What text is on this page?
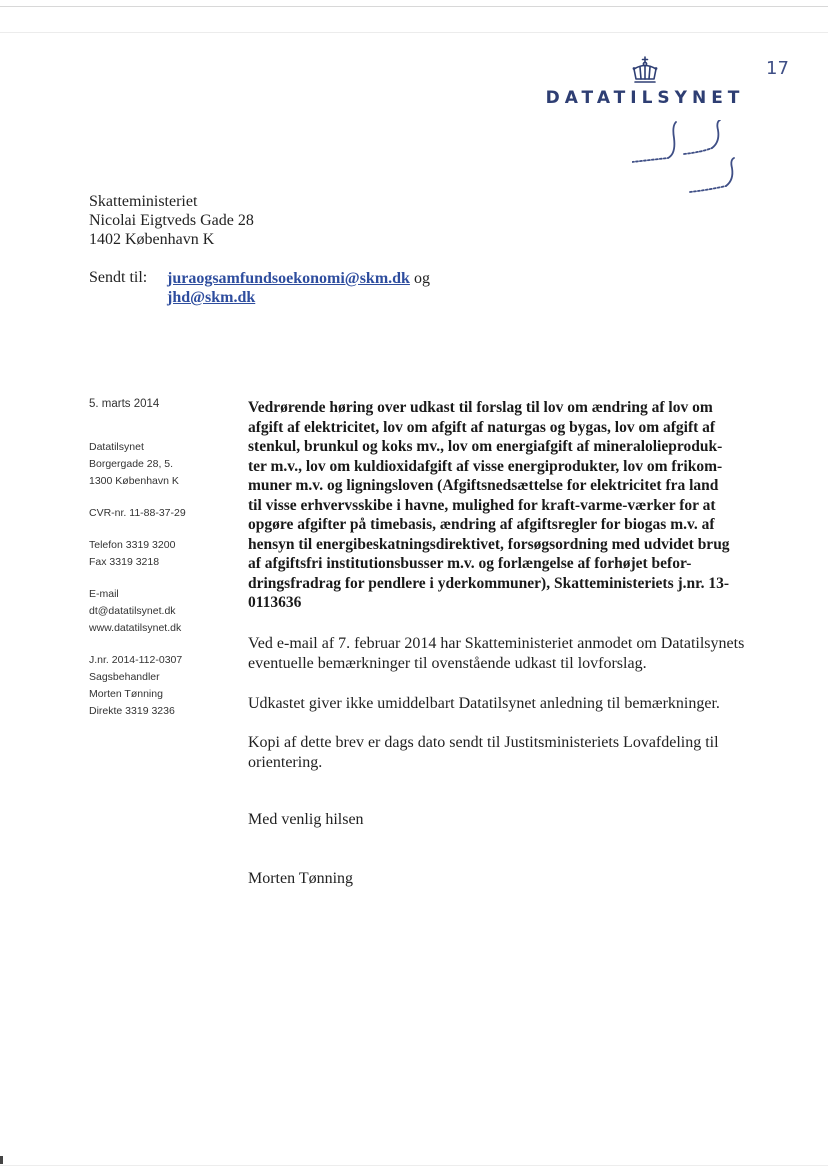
DATATILSYNET
17
Skatteministeriet
Nicolai Eigtveds Gade 28
1402 København K
Sendt til: juraogsamfundsoekonomi@skm.dk og
jhd@skm.dk
5. marts 2014
Datatilsynet
Borgergade 28, 5.
1300 København K
CVR-nr. 11-88-37-29
Telefon 3319 3200
Fax 3319 3218
E-mail
dt@datatilsynet.dk
www.datatilsynet.dk
J.nr. 2014-112-0307
Sagsbehandler
Morten Tønning
Direkte 3319 3236
Vedrørende høring over udkast til forslag til lov om ændring af lov om
afgift af elektricitet, lov om afgift af naturgas og bygas, lov om afgift af
stenkul, brunkul og koks mv., lov om energiafgift af mineralolieproduk-
ter m.v., lov om kuldioxidafgift af visse energiprodukter, lov om frikom-
muner m.v. og ligningsloven (Afgiftsnedsættelse for elektricitet fra land
til visse erhvervsskibe i havne, mulighed for kraft-varme-værker for at
opgøre afgifter på timebasis, ændring af afgiftsregler for biogas m.v. af
hensyn til energibeskatningsdirektivet, forsøgsordning med udvidet brug
af afgiftsfri institutionsbusser m.v. og forlængelse af forhøjet befor-
dringsfradrag for pendlere i yderkommuner), Skatteministeriets j.nr. 13-
0113636
Ved e-mail af 7. februar 2014 har Skatteministeriet anmodet om Datatilsynets
eventuelle bemærkninger til ovenstående udkast til lovforslag.
Udkastet giver ikke umiddelbart Datatilsynet anledning til bemærkninger.
Kopi af dette brev er dags dato sendt til Justitsministeriets Lovafdeling til
orientering.
Med venlig hilsen
Morten Tønning
